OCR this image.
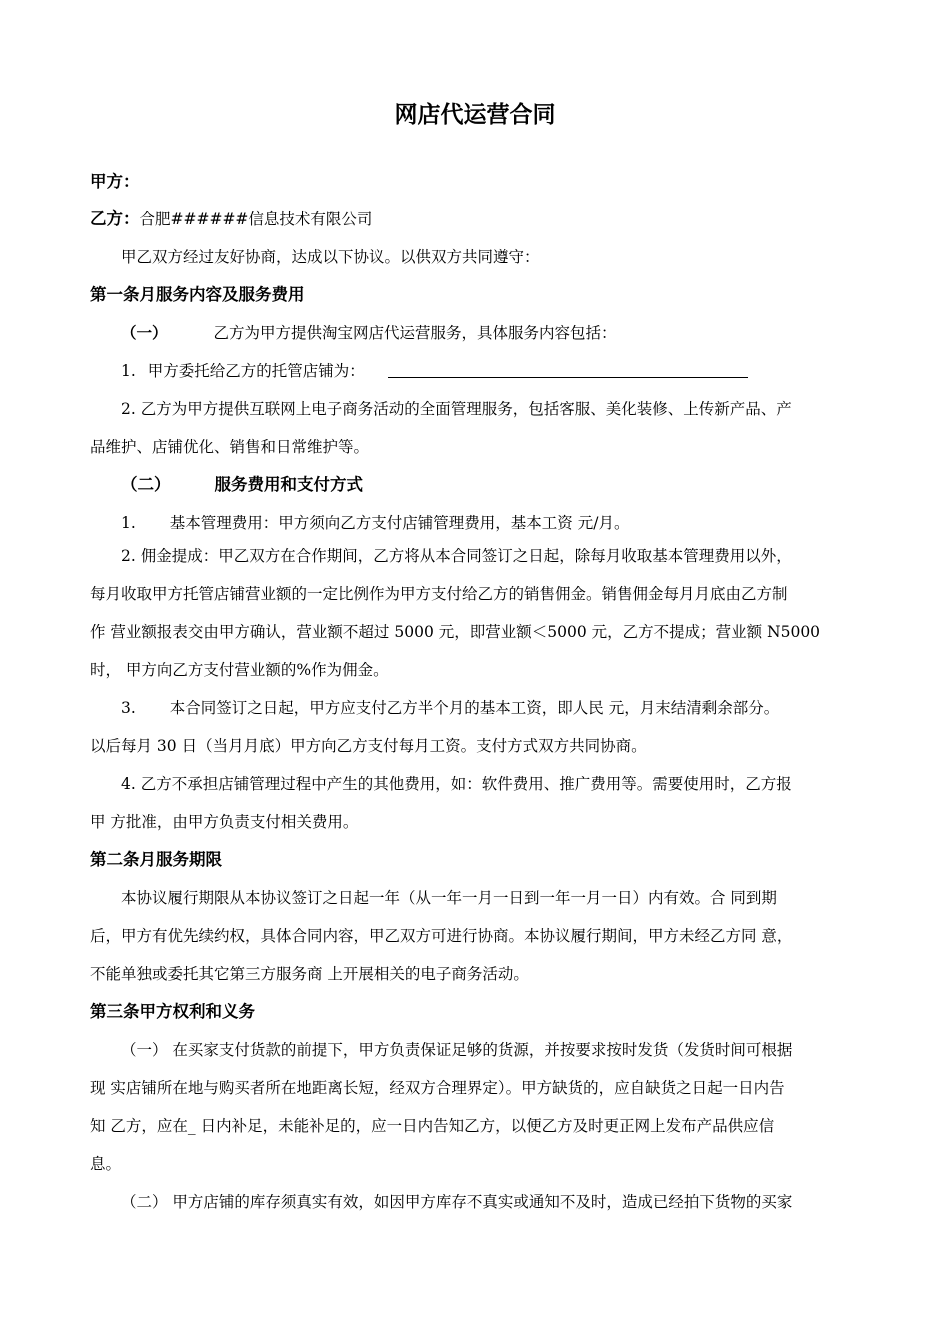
网店代运营合同
甲方：
乙方：合肥######信息技术有限公司
甲乙双方经过友好协商，达成以下协议。以供双方共同遵守：
第一条月服务内容及服务费用
（一）	乙方为甲方提供淘宝网店代运营服务，具体服务内容包括：
1. 甲方委托给乙方的托管店铺为：
2. 乙方为甲方提供互联网上电子商务活动的全面管理服务，包括客服、美化装修、上传新产品、产
品维护、店铺优化、销售和日常维护等。
（二）	服务费用和支付方式
1. 基本管理费用：甲方须向乙方支付店铺管理费用，基本工资 元/月。
2. 佣金提成：甲乙双方在合作期间，乙方将从本合同签订之日起，除每月收取基本管理费用以外，
每月收取甲方托管店铺营业额的一定比例作为甲方支付给乙方的销售佣金。销售佣金每月月底由乙方制
作 营业额报表交由甲方确认，营业额不超过 5000 元，即营业额＜5000 元，乙方不提成；营业额 N5000
时， 甲方向乙方支付营业额的%作为佣金。
3. 本合同签订之日起，甲方应支付乙方半个月的基本工资，即人民 元，月末结清剩余部分。
以后每月 30 日（当月月底）甲方向乙方支付每月工资。支付方式双方共同协商。
4. 乙方不承担店铺管理过程中产生的其他费用，如：软件费用、推广费用等。需要使用时，乙方报
甲 方批准，由甲方负责支付相关费用。
第二条月服务期限
本协议履行期限从本协议签订之日起一年（从一年一月一日到一年一月一日）内有效。合 同到期
后，甲方有优先续约权，具体合同内容，甲乙双方可进行协商。本协议履行期间，甲方未经乙方同 意，
不能单独或委托其它第三方服务商 上开展相关的电子商务活动。
第三条甲方权利和义务
（一） 在买家支付货款的前提下，甲方负责保证足够的货源，并按要求按时发货（发货时间可根据
现 实店铺所在地与购买者所在地距离长短，经双方合理界定）。甲方缺货的，应自缺货之日起一日内告
知 乙方，应在_ 日内补足，未能补足的，应一日内告知乙方，以便乙方及时更正网上发布产品供应信
息。
（二） 甲方店铺的库存须真实有效，如因甲方库存不真实或通知不及时，造成已经拍下货物的买家
